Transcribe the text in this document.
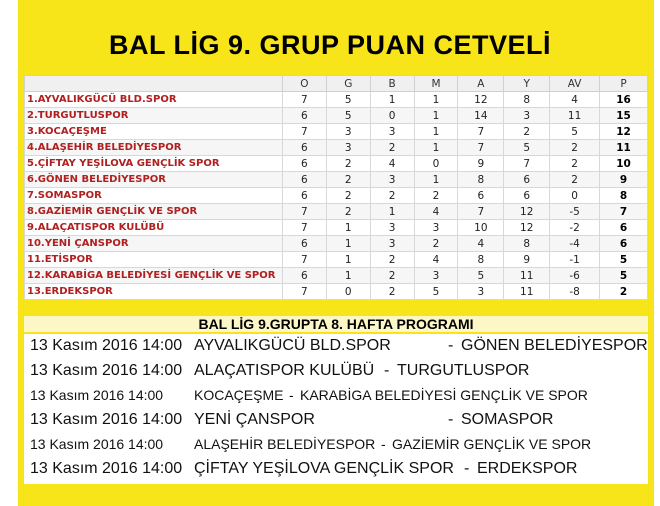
BAL LİG 9. GRUP PUAN CETVELİ
	O	G	B	M	A	Y	AV	P
1.AYVALIKGÜCÜ BLD.SPOR	7	5	1	1	12	8	4	16
2.TURGUTLUSPOR	6	5	0	1	14	3	11	15
3.KOCAÇEŞME	7	3	3	1	7	2	5	12
4.ALAŞEHİR BELEDİYESPOR	6	3	2	1	7	5	2	11
5.ÇİFTAY YEŞİLOVA GENÇLİK SPOR	6	2	4	0	9	7	2	10
6.GÖNEN BELEDİYESPOR	6	2	3	1	8	6	2	9
7.SOMASPOR	6	2	2	2	6	6	0	8
8.GAZİEMİR GENÇLİK VE SPOR	7	2	1	4	7	12	-5	7
9.ALAÇATISPOR KULÜBÜ	7	1	3	3	10	12	-2	6
10.YENİ ÇANSPOR	6	1	3	2	4	8	-4	6
11.ETİSPOR	7	1	2	4	8	9	-1	5
12.KARABİGA BELEDİYESİ GENÇLİK VE SPOR	6	1	2	3	5	11	-6	5
13.ERDEKSPOR	7	0	2	5	3	11	-8	2
BAL LİG 9.GRUPTA 8. HAFTA PROGRAMI
13 Kasım 2016 14:00 AYVALIKGÜCÜ BLD.SPOR	- GÖNEN BELEDİYESPOR
13 Kasım 2016 14:00 ALAÇATISPOR KULÜBÜ - TURGUTLUSPOR
13 Kasım 2016 14:00 KOCAÇEŞME - KARABİGA BELEDİYESİ GENÇLİK VE SPOR
13 Kasım 2016 14:00 YENİ ÇANSPOR	- SOMASPOR
13 Kasım 2016 14:00 ALAŞEHİR BELEDİYESPOR - GAZİEMİR GENÇLİK VE SPOR
13 Kasım 2016 14:00 ÇİFTAY YEŞİLOVA GENÇLİK SPOR - ERDEKSPOR
